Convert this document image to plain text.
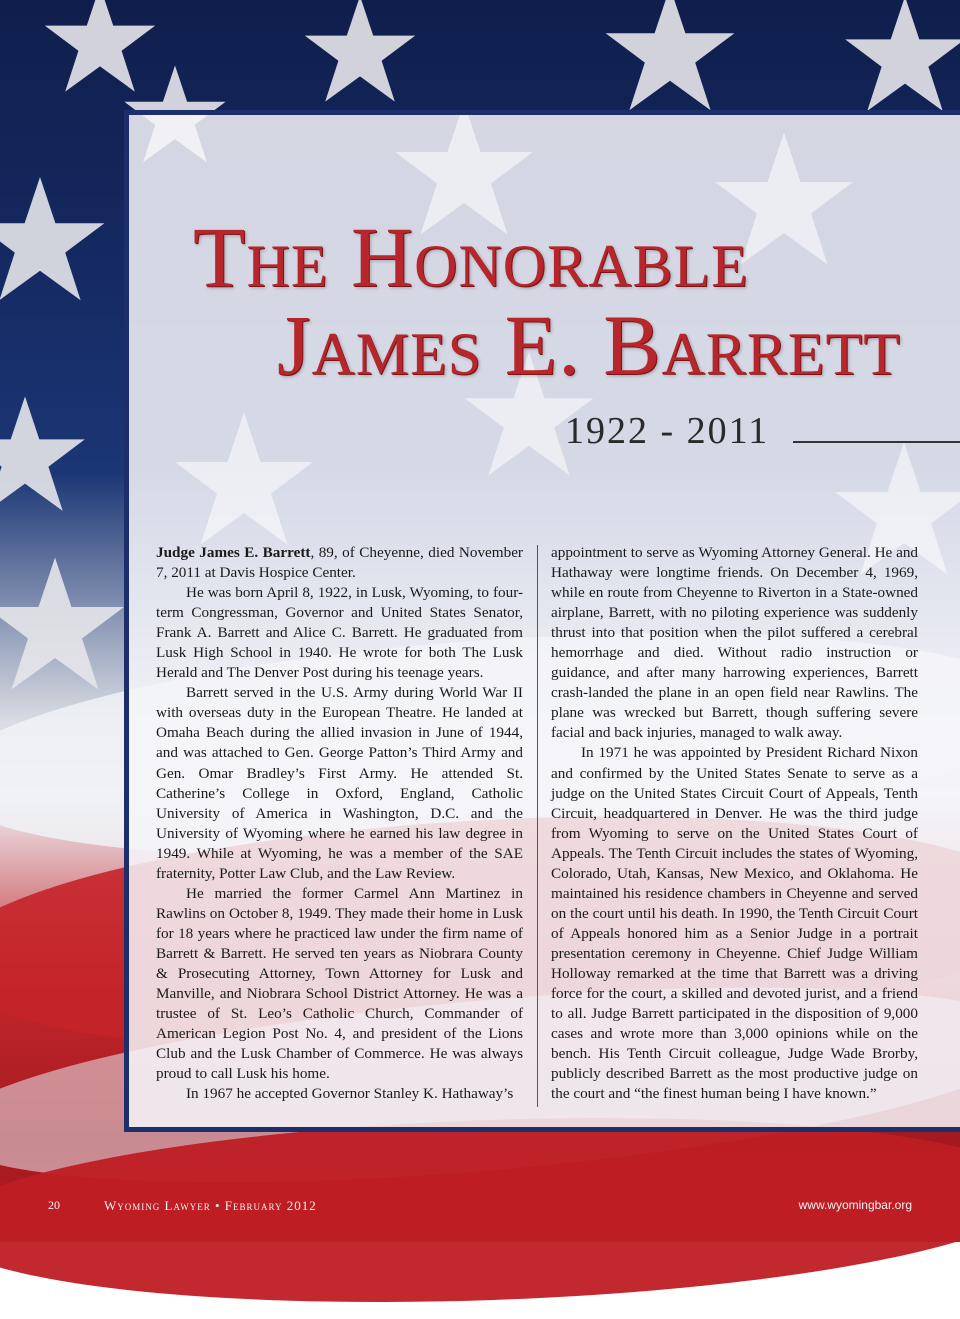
The Honorable
James E. Barrett
1922 - 2011

Judge James E. Barrett, 89, of Cheyenne, died November 7, 2011 at Davis Hospice Center.

He was born April 8, 1922, in Lusk, Wyoming, to four-term Congressman, Governor and United States Senator, Frank A. Barrett and Alice C. Barrett. He graduated from Lusk High School in 1940. He wrote for both The Lusk Herald and The Denver Post during his teenage years.

Barrett served in the U.S. Army during World War II with overseas duty in the European Theatre. He landed at Omaha Beach during the allied invasion in June of 1944, and was attached to Gen. George Patton’s Third Army and Gen. Omar Bradley’s First Army. He attended St. Catherine’s College in Oxford, England, Catholic University of America in Washington, D.C. and the University of Wyoming where he earned his law degree in 1949. While at Wyoming, he was a member of the SAE fraternity, Potter Law Club, and the Law Review.

He married the former Carmel Ann Martinez in Rawlins on October 8, 1949. They made their home in Lusk for 18 years where he practiced law under the firm name of Barrett & Barrett. He served ten years as Niobrara County & Prosecuting Attorney, Town Attorney for Lusk and Manville, and Niobrara School District Attorney. He was a trustee of St. Leo’s Catholic Church, Commander of American Legion Post No. 4, and president of the Lions Club and the Lusk Chamber of Commerce. He was always proud to call Lusk his home.

In 1967 he accepted Governor Stanley K. Hathaway’s

appointment to serve as Wyoming Attorney General. He and Hathaway were longtime friends. On December 4, 1969, while en route from Cheyenne to Riverton in a State-owned airplane, Barrett, with no piloting experience was suddenly thrust into that position when the pilot suffered a cerebral hemorrhage and died. Without radio instruction or guidance, and after many harrowing experiences, Barrett crash-landed the plane in an open field near Rawlins. The plane was wrecked but Barrett, though suffering severe facial and back injuries, managed to walk away.

In 1971 he was appointed by President Richard Nixon and confirmed by the United States Senate to serve as a judge on the United States Circuit Court of Appeals, Tenth Circuit, headquartered in Denver. He was the third judge from Wyoming to serve on the United States Court of Appeals. The Tenth Circuit includes the states of Wyoming, Colorado, Utah, Kansas, New Mexico, and Oklahoma. He maintained his residence chambers in Cheyenne and served on the court until his death. In 1990, the Tenth Circuit Court of Appeals honored him as a Senior Judge in a portrait presentation ceremony in Cheyenne. Chief Judge William Holloway remarked at the time that Barrett was a driving force for the court, a skilled and devoted jurist, and a friend to all. Judge Barrett participated in the disposition of 9,000 cases and wrote more than 3,000 opinions while on the bench. His Tenth Circuit colleague, Judge Wade Brorby, publicly described Barrett as the most productive judge on the court and “the finest human being I have known.”

20	Wyoming Lawyer • February 2012	www.wyomingbar.org
